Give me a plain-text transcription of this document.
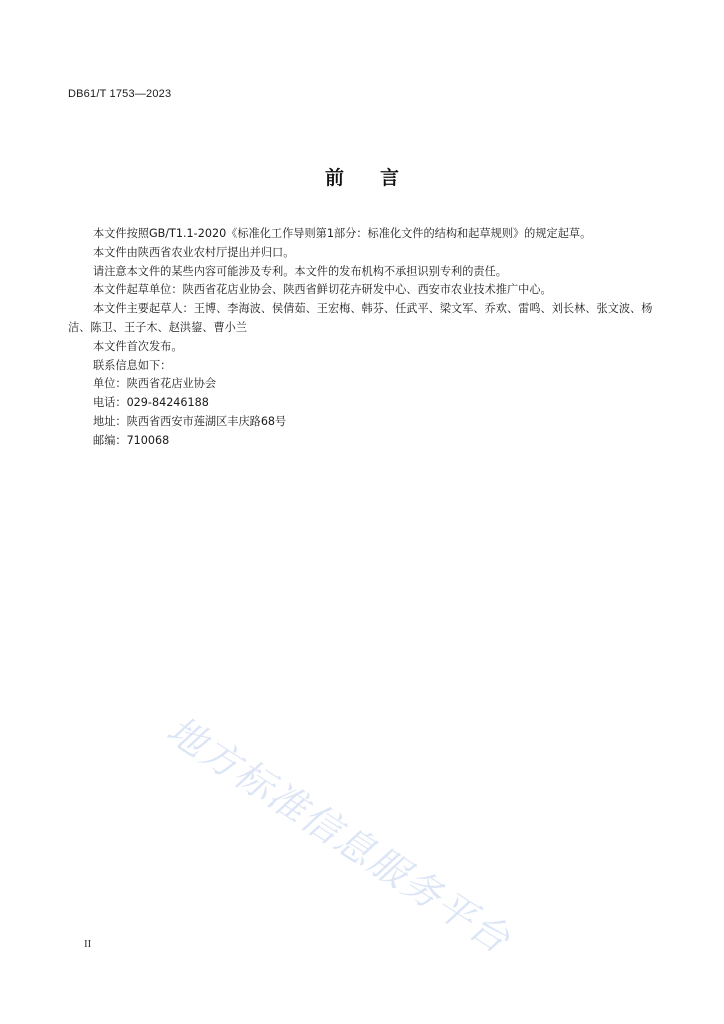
DB61/T 1753—2023
前 言

本文件按照GB/T1.1-2020《标准化工作导则第1部分：标准化文件的结构和起草规则》的规定起草。

本文件由陕西省农业农村厅提出并归口。

请注意本文件的某些内容可能涉及专利。本文件的发布机构不承担识别专利的责任。

本文件起草单位：陕西省花店业协会、陕西省鲜切花卉研发中心、西安市农业技术推广中心。

本文件主要起草人：王博、李海波、侯倩茹、王宏梅、韩芬、任武平、梁文军、乔欢、雷鸣、刘长林、张文波、杨洁、陈卫、王子木、赵洪鋆、曹小兰

本文件首次发布。

联系信息如下：

单位：陕西省花店业协会

电话：029-84246188

地址：陕西省西安市莲湖区丰庆路68号

邮编：710068

地方标准信息服务平台
II
